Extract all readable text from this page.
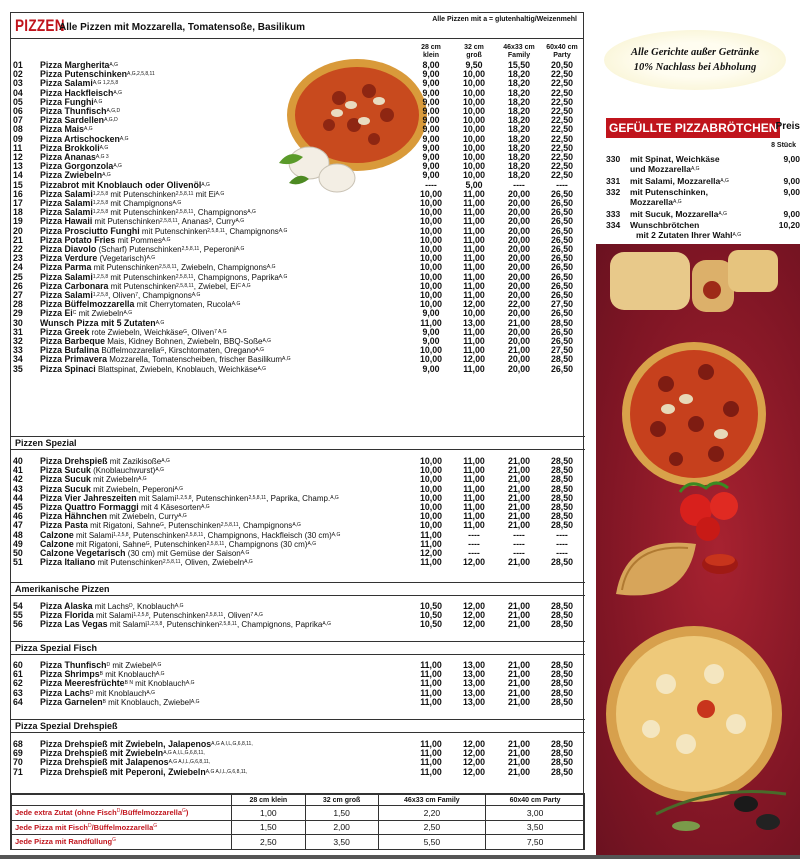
PIZZEN
Alle Pizzen mit Mozzarella, Tomatensoße, Basilikum
Alle Pizzen mit a = glutenhaltig/Weizenmehl
28 cm
klein
32 cm
groß
46x33 cm
Family
60x40 cm
Party
01	Pizza Margherita$^{A,G}$	8,00	9,50	15,50	20,50
02	Pizza Putenschinken$^{A,G,2,5,8,11}$	9,00	10,00	18,20	22,50
03	Pizza Salami$^{A,G 1,2,5,8}$	9,00	10,00	18,20	22,50
04	Pizza Hackfleisch$^{A,G}$	9,00	10,00	18,20	22,50
05	Pizza Funghi$^{A,G}$	9,00	10,00	18,20	22,50
06	Pizza Thunfisch$^{A,G,D}$	9,00	10,00	18,20	22,50
07	Pizza Sardellen$^{A,G,D}$	9,00	10,00	18,20	22,50
08	Pizza Mais$^{A,G}$	9,00	10,00	18,20	22,50
09	Pizza Artischocken$^{A,G}$	9,00	10,00	18,20	22,50
11	Pizza Brokkoli$^{A,G}$	9,00	10,00	18,20	22,50
12	Pizza Ananas$^{A,G 3}$	9,00	10,00	18,20	22,50
13	Pizza Gorgonzola$^{A,G}$	9,00	10,00	18,20	22,50
14	Pizza Zwiebeln$^{A,G}$	9,00	10,00	18,20	22,50
15	Pizzabrot mit Knoblauch oder Olivenöl$^{A,G}$	----	5,00	----	----
16	Pizza Salami$^{1,2,5,8}$ mit Putenschinken$^{2,5,8,11}$ mit $Ei^{A,G}$	10,00	11,00	20,00	26,50
17	Pizza Salami$^{1,2,5,8}$ mit Champignons$^{A,G}$	10,00	11,00	20,00	26,50
18	Pizza Salami$^{1,2,5,8}$ mit Putenschinken$^{2,5,8,11}$, Champignons$^{A,G}$	10,00	11,00	20,00	26,50
19	Pizza Hawaii mit Putenschinken$^{2,5,8,11}$, Ananas$^3$, Curry$^{A,G}$	10,00	11,00	20,00	26,50
20	Pizza Prosciutto Funghi mit Putenschinken$^{2,5,8,11}$, Champignons$^{A,G}$	10,00	11,00	20,00	26,50
21	Pizza Potato Fries mit Pommes$^{A,G}$	10,00	11,00	20,00	26,50
22	Pizza Diavolo (Scharf) Putenschinken$^{2,5,8,11}$, Peperoni$^{A,G}$	10,00	11,00	20,00	26,50
23	Pizza Verdure (Vegetarisch)$^{A,G}$	10,00	11,00	20,00	26,50
24	Pizza Parma mit Putenschinken$^{2,5,8,11}$, Zwiebeln, Champignons$^{A,G}$	10,00	11,00	20,00	26,50
25	Pizza Salami$^{1,2,5,8}$ mit Putenschinken$^{2,5,8,11}$, Champignons, Paprika$^{A,G}$	10,00	11,00	20,00	26,50
26	Pizza Carbonara mit Putenschinken$^{2,5,8,11}$, Zwiebel, $Ei^{C A,G}$	10,00	11,00	20,00	26,50
27	Pizza Salami$^{1,2,5,8}$, Oliven$^7$, Champignons$^{A,G}$	10,00	11,00	20,00	26,50
28	Pizza Büffelmozzarella mit Cherrytomaten, Rucola$^{A,G}$	10,00	12,00	22,00	27,50
29	Pizza $Ei^C$ mit Zwiebeln$^{A,G}$	9,00	10,00	20,00	26,50
30	Wunsch Pizza mit 5 Zutaten$^{A,G}$	11,00	13,00	21,00	28,50
31	Pizza Greek rote Zwiebeln, Weichkäse$^G$, Oliven$^{7 A,G}$	9,00	11,00	20,00	26,50
32	Pizza Barbeque Mais, Kidney Bohnen, Zwiebeln, BBQ-Soße$^{A,G}$	9,00	11,00	20,00	26,50
33	Pizza Bufalina Büffelmozzarella$^G$, Kirschtomaten, Oregano$^{A,G}$	10,00	11,00	21,00	27,50
34	Pizza Primavera Mozzarella, Tomatenscheiben, frischer Basilikum$^{A,G}$	10,00	12,00	20,00	28,50
35	Pizza Spinaci Blattspinat, Zwiebeln, Knoblauch, Weichkäse$^{A,G}$	9,00	11,00	20,00	26,50
Pizzen Spezial
40	Pizza Drehspieß mit Zazikisoße$^{A,G}$	10,00	11,00	21,00	28,50
41	Pizza Sucuk (Knoblauchwurst)$^{A,G}$	10,00	11,00	21,00	28,50
42	Pizza Sucuk mit Zwiebeln$^{A,G}$	10,00	11,00	21,00	28,50
43	Pizza Sucuk mit Zwiebeln, Peperoni$^{A,G}$	10,00	11,00	21,00	28,50
44	Pizza Vier Jahreszeiten mit Salami$^{1,2,5,8}$, Putenschinken$^{2,5,8,11}$, Paprika, Champ.$^{A,G}$	10,00	11,00	21,00	28,50
45	Pizza Quattro Formaggi mit 4 Käsesorten$^{A,G}$	10,00	11,00	21,00	28,50
46	Pizza Hähnchen mit Zwiebeln, Curry$^{A,G}$	10,00	11,00	21,00	28,50
47	Pizza Pasta mit Rigatoni, Sahne$^G$, Putenschinken$^{2,5,8,11}$, Champignons$^{A,G}$	10,00	11,00	21,00	28,50
48	Calzone mit Salami$^{1,2,5,8}$, Putenschinken$^{2,5,8,11}$, Champignons, Hackfleisch (30 cm)$^{A,G}$	11,00	----	----	----
49	Calzone mit Rigatoni, Sahne$^G$, Putenschinken$^{2,5,8,11}$, Champignons (30 cm)$^{A,G}$	11,00	----	----	----
50	Calzone Vegetarisch (30 cm) mit Gemüse der Saison$^{A,G}$	12,00	----	----	----
51	Pizza Italiano mit Putenschinken$^{2,5,8,11}$, Oliven, Zwiebeln$^{A,G}$	11,00	12,00	21,00	28,50
Amerikanische Pizzen
54	Pizza Alaska mit Lachs$^D$, Knoblauch$^{A,G}$	10,50	12,00	21,00	28,50
55	Pizza Florida mit Salami$^{1,2,5,8}$, Putenschinken$^{2,5,8,11}$, Oliven$^{7 A,G}$	10,50	12,00	21,00	28,50
56	Pizza Las Vegas mit Salami$^{1,2,5,8}$, Putenschinken$^{2,5,8,11}$, Champignons, Paprika$^{A,G}$	10,50	12,00	21,00	28,50
Pizza Spezial Fisch
60	Pizza Thunfisch$^D$ mit Zwiebel$^{A,G}$	11,00	13,00	21,00	28,50
61	Pizza Shrimps$^B$ mit Knoblauch$^{A,G}$	11,00	13,00	21,00	28,50
62	Pizza Meeresfrüchte$^{B N}$ mit Knoblauch$^{A,G}$	11,00	13,00	21,00	28,50
63	Pizza Lachs$^D$ mit Knoblauch$^{A,G}$	11,00	13,00	21,00	28,50
64	Pizza Garnelen$^B$ mit Knoblauch, Zwiebel$^{A,G}$	11,00	13,00	21,00	28,50
Pizza Spezial Drehspieß
68	Pizza Drehspieß mit Zwiebeln, Jalapenos$^{A,G A,I,L,G,6,8,11,}$	11,00	12,00	21,00	28,50
69	Pizza Drehspieß mit Zwiebeln$^{A,G A,I,L,G,6,8,11,}$	11,00	12,00	21,00	28,50
70	Pizza Drehspieß mit Jalapenos$^{A,G A,I,L,G,6,8,11,}$	11,00	12,00	21,00	28,50
71	Pizza Drehspieß mit Peperoni, Zwiebeln$^{A,G A,I,L,G,6,8,11,}$	11,00	12,00	21,00	28,50
	28 cm klein	32 cm groß	46x33 cm Family	60x40 cm Party
Jede extra Zutat (ohne Fisch$^D$/Büffelmozzarella$^G$)	1,00	1,50	2,20	3,00
Jede Pizza mit Fisch$^D$/Büffelmozzarella$^G$	1,50	2,00	2,50	3,50
Jede Pizza mit Randfüllung$^G$	2,50	3,50	5,50	7,50
Alle Gerichte außer Getränke
10% Nachlass bei Abholung
GEFÜLLTE PIZZABRÖTCHEN
Preis
8 Stück
330	mit Spinat, Weichkäse
und Mozzarella$^{A,G}$
9,00
331	mit Salami, Mozzarella$^{A,G}$	9,00
332	mit Putenschinken,
Mozzarella$^{A,G}$
9,00
333	mit Sucuk, Mozzarella$^{A,G}$	9,00
334	Wunschbrötchen
mit 2 Zutaten Ihrer Wahl$^{A,G}$
10,20
